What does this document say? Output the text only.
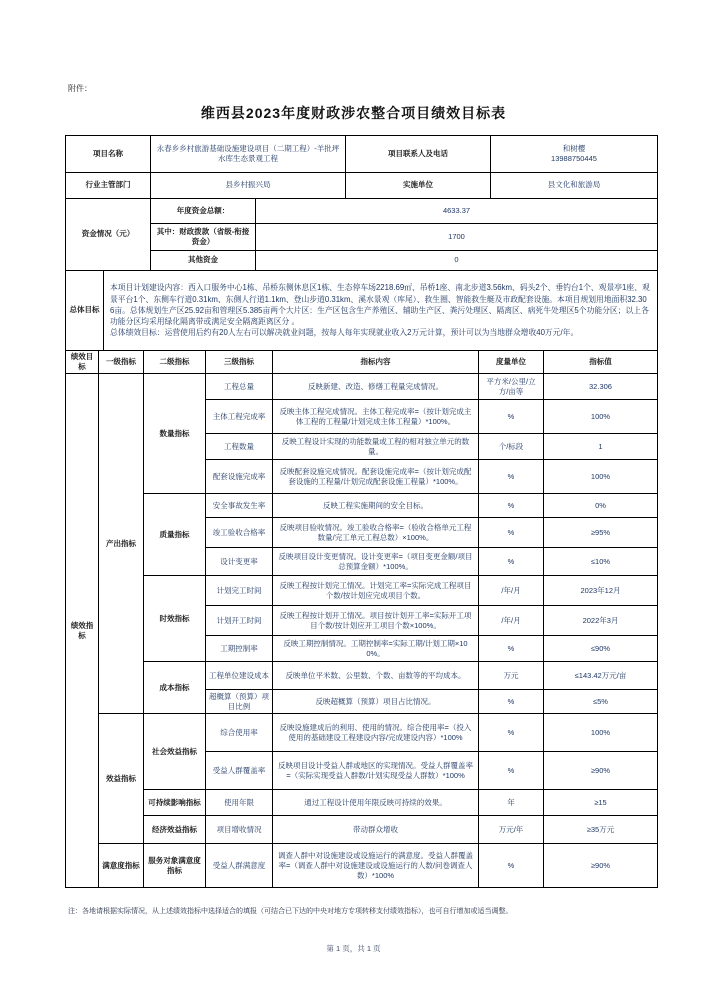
附件：
维西县2023年度财政涉农整合项目绩效目标表
项目名称	永春乡乡村旅游基础设施建设项目（二期工程）-羊批坪水库生态景观工程	项目联系人及电话	和树樱
13988750445

行业主管部门	县乡村振兴局	实施单位	县文化和旅游局
资金情况（元）	年度资金总额：	4633.37
	其中：财政拨款（省级-衔接资金）	1700
	其他资金	0
总体目标	
本项目计划建设内容：西入口服务中心1栋、吊桥东侧休息区1栋、生态停车场2218.69㎡、吊桥1座、南北步道3.56km、码头2个、垂钓台1个、观景亭1座、观景平台1个、东侧车行道0.31km、东侧人行道1.1km、登山步道0.31km、溪水景观（库尾）、救生圈、智能救生艇及市政配套设施。本项目规划用地面积32.306亩。总体规划生产区25.92亩和管理区5.385亩两个大片区：生产区包含生产养殖区、辅助生产区、粪污处理区、隔离区、病死牛处理区5个功能分区；以上各功能分区均采用绿化隔离带或满足安全隔离距离区分 。
总体绩效目标：运营使用后约有20人左右可以解决就业问题，按每人每年实现就业收入2万元计算，预计可以为当地群众增收40万元/年。
绩效目标	一级指标	二级指标	三级指标	指标内容	度量单位	指标值
绩效指标	产出指标	数量指标	工程总量	反映新建、改造、修缮工程量完成情况。	平方米/公里/立方/亩等	32.306
			主体工程完成率	反映主体工程完成情况。主体工程完成率=（按计划完成主体工程的工程量/计划完成主体工程量）*100%。	%	100%
			工程数量	反映工程设计实现的功能数量或工程的相对独立单元的数量。	个/标段	1
			配套设施完成率	反映配套设施完成情况。配套设施完成率=（按计划完成配套设施的工程量/计划完成配套设施工程量）*100%。	%	100%
		质量指标	安全事故发生率	反映工程实施期间的安全目标。	%	0%
			竣工验收合格率	反映项目验收情况。竣工验收合格率=（验收合格单元工程数量/完工单元工程总数）×100%。	%	≥95%
			设计变更率	反映项目设计变更情况。设计变更率=（项目变更金额/项目总预算金额）*100%。	%	≤10%
		时效指标	计划完工时间	反映工程按计划完工情况。计划完工率=实际完成工程项目个数/按计划应完成项目个数。	/年/月	2023年12月
			计划开工时间	反映工程按计划开工情况。项目按计划开工率=实际开工项目个数/按计划应开工项目个数×100%。	/年/月	2022年3月
			工期控制率	反映工期控制情况。工期控制率=实际工期/计划工期×100%。	%	≤90%
		成本指标	工程单位建设成本	反映单位平米数、公里数、个数、亩数等的平均成本。	万元	≤143.42万元/亩
			超概算（预算）项目比例	反映超概算（预算）项目占比情况。	%	≤5%
	效益指标	社会效益指标	综合使用率	反映设施建成后的利用、使用的情况。综合使用率=（投入使用的基础建设工程建设内容/完成建设内容）*100%	%	100%
			受益人群覆盖率	反映项目设计受益人群或地区的实现情况。受益人群覆盖率=（实际实现受益人群数/计划实现受益人群数）*100%	%	≥90%
		可持续影响指标	使用年限	通过工程设计使用年限反映可持续的效果。	年	≥15
		经济效益指标	项目增收情况	带动群众增收	万元/年	≥35万元
	满意度指标	服务对象满意度指标	受益人群满意度	调查人群中对设施建设或设施运行的满意度。受益人群覆盖率=（调查人群中对设施建设或设施运行的人数/问卷调查人数）*100%	%	≥90%
注：各地请根据实际情况，从上述绩效指标中选择适合的填报（可结合已下达的中央对地方专项转移支付绩效指标），也可自行增加或适当调整。
第 1 页，共 1 页
